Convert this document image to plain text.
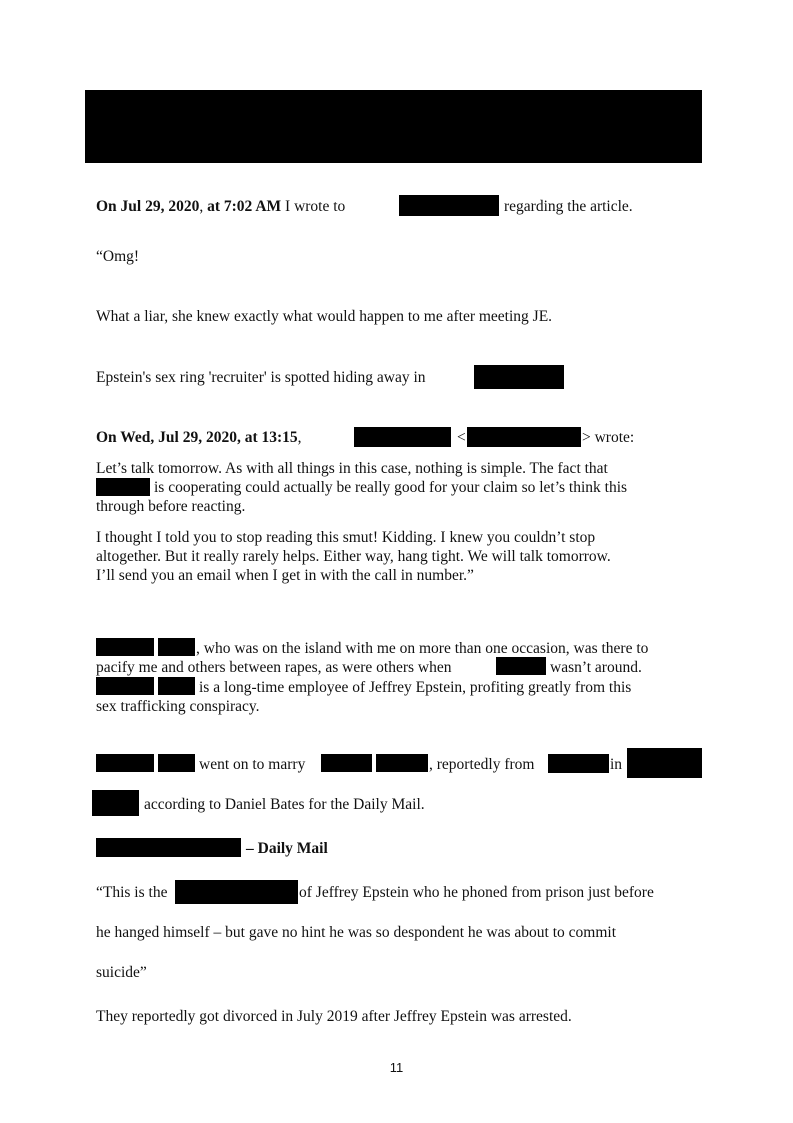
On Jul 29, 2020, at 7:02 AM I wrote to	regarding the article.
“Omg!
What a liar, she knew exactly what would happen to me after meeting JE.
Epstein's sex ring 'recruiter' is spotted hiding away in
On Wed, Jul 29, 2020, at 13:15,	<	> wrote:
Let’s talk tomorrow. As with all things in this case, nothing is simple. The fact that
is cooperating could actually be really good for your claim so let’s think this
through before reacting.
I thought I told you to stop reading this smut! Kidding. I knew you couldn’t stop
altogether. But it really rarely helps. Either way, hang tight. We will talk tomorrow.
I’ll send you an email when I get in with the call in number.”
, who was on the island with me on more than one occasion, was there to
pacify me and others between rapes, as were others when	wasn’t around.
is a long-time employee of Jeffrey Epstein, profiting greatly from this
sex trafficking conspiracy.
went on to marry	, reportedly from	in
according to Daniel Bates for the Daily Mail.
– Daily Mail
“This is the	of Jeffrey Epstein who he phoned from prison just before
he hanged himself – but gave no hint he was so despondent he was about to commit
suicide”
They reportedly got divorced in July 2019 after Jeffrey Epstein was arrested.
11
